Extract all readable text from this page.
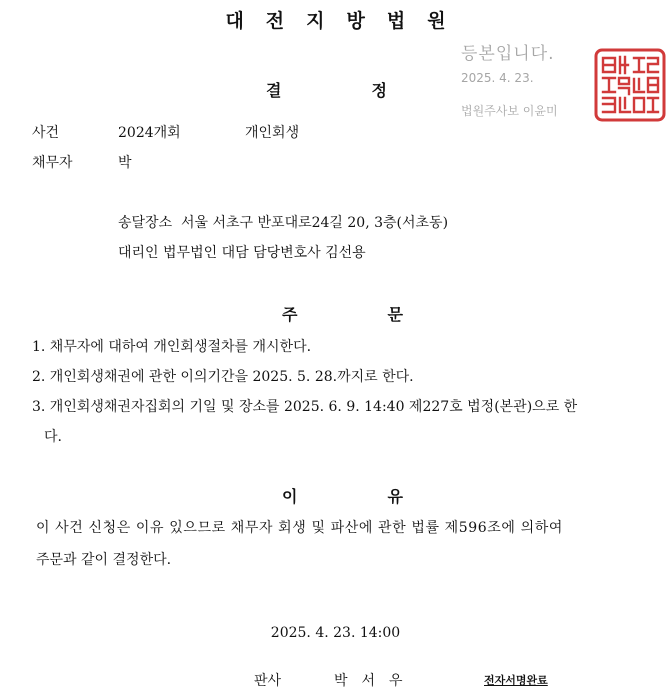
대전지방법원
등본입니다.
2025. 4. 23.
법원주사보 이윤미
결정
사건	2024개회	개인회생
채무자	박
송달장소  서울 서초구 반포대로24길 20, 3층(서초동)
대리인 법무법인 대담 담당변호사 김선용
주문
1. 채무자에 대하여 개인회생절차를 개시한다.
2. 개인회생채권에 관한 이의기간을 2025. 5. 28.까지로 한다.
3. 개인회생채권자집회의 기일 및 장소를 2025. 6. 9. 14:40 제227호 법정(본관)으로 한
다.
이유
이 사건 신청은 이유 있으므로 채무자 회생 및 파산에 관한 법률 제596조에 의하여
주문과 같이 결정한다.
2025. 4. 23. 14:00
판사	박서우	전자서명완료
